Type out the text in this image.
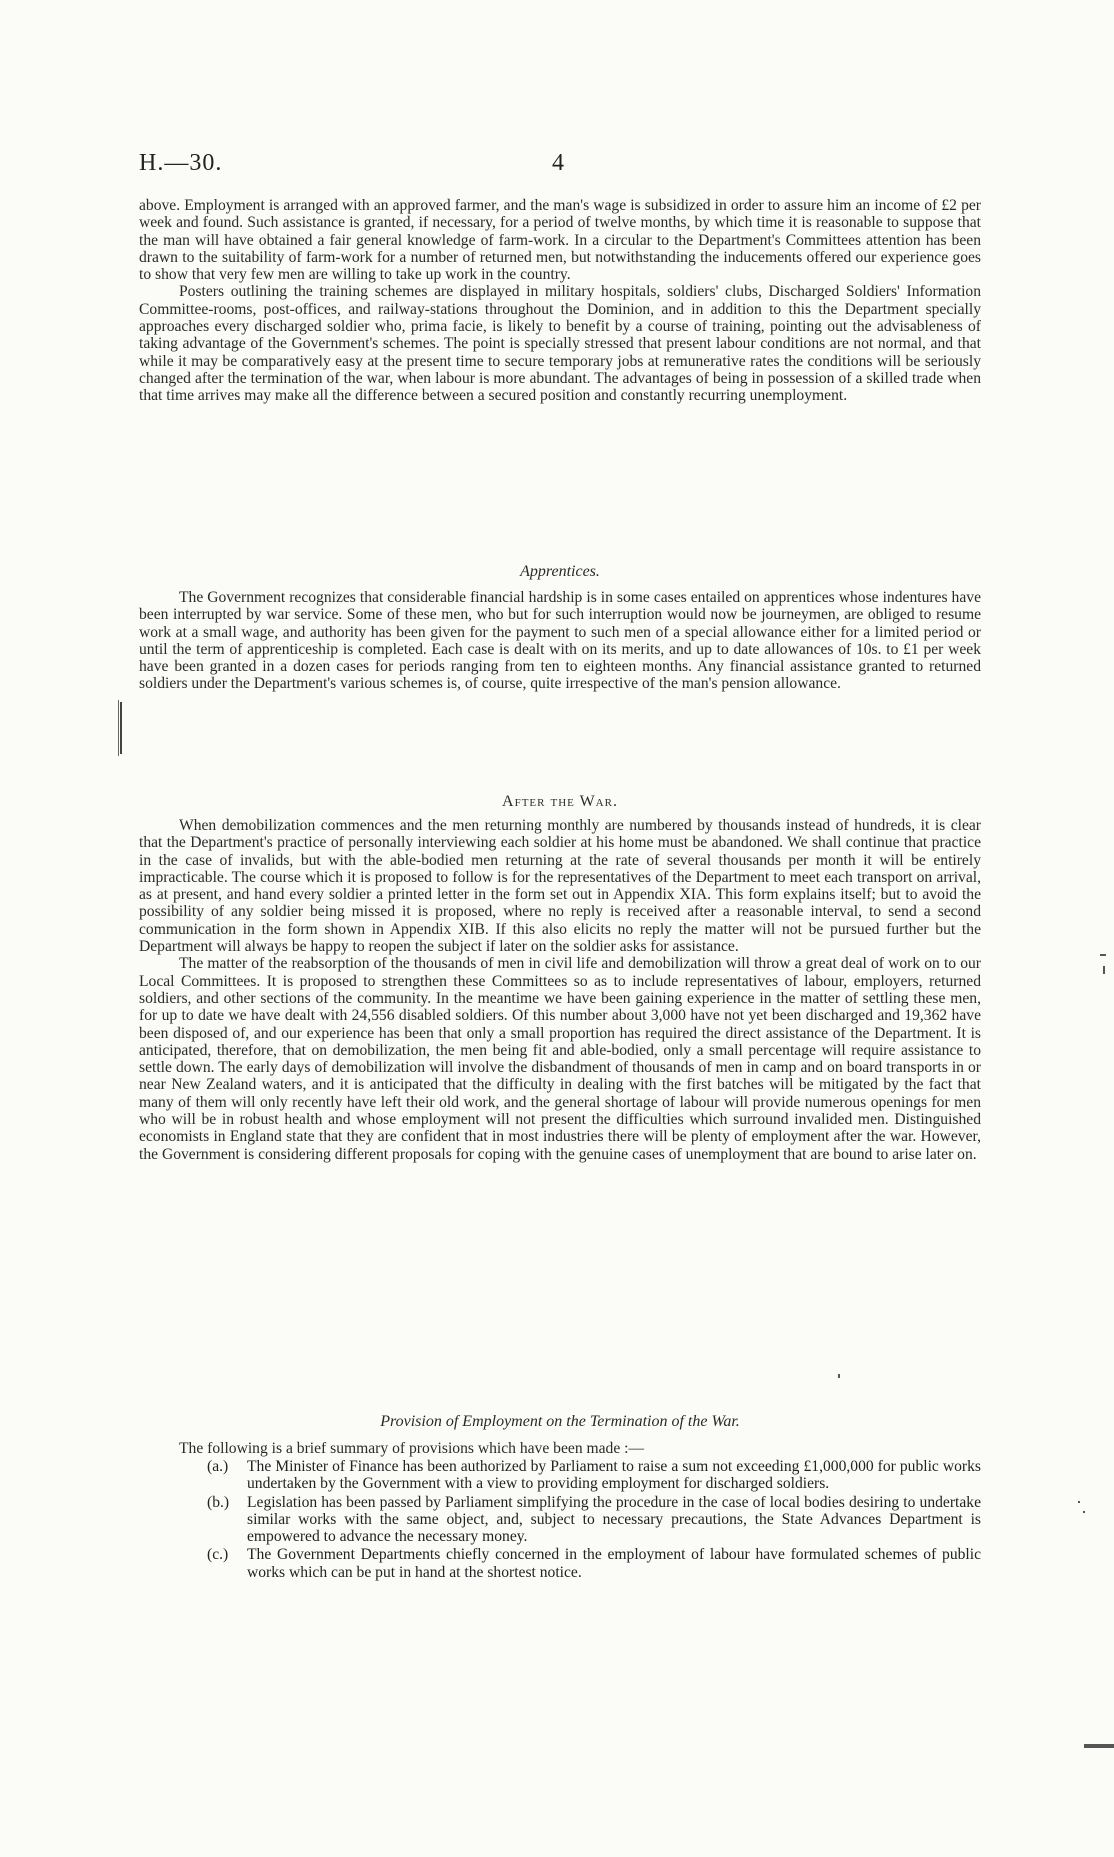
H.—30.	4

above. Employment is arranged with an approved farmer, and the man's wage is subsidized in order to assure him an income of £2 per week and found. Such assistance is granted, if necessary, for a period of twelve months, by which time it is reasonable to suppose that the man will have obtained a fair general knowledge of farm-work. In a circular to the Department's Committees attention has been drawn to the suitability of farm-work for a number of returned men, but notwithstanding the inducements offered our experience goes to show that very few men are willing to take up work in the country.

Posters outlining the training schemes are displayed in military hospitals, soldiers' clubs, Discharged Soldiers' Information Committee-rooms, post-offices, and railway-stations throughout the Dominion, and in addition to this the Department specially approaches every discharged soldier who, prima facie, is likely to benefit by a course of training, pointing out the advisableness of taking advantage of the Government's schemes. The point is specially stressed that present labour conditions are not normal, and that while it may be comparatively easy at the present time to secure temporary jobs at remunerative rates the conditions will be seriously changed after the termination of the war, when labour is more abundant. The advantages of being in possession of a skilled trade when that time arrives may make all the difference between a secured position and constantly recurring unemployment.

Apprentices.

The Government recognizes that considerable financial hardship is in some cases entailed on apprentices whose indentures have been interrupted by war service. Some of these men, who but for such interruption would now be journeymen, are obliged to resume work at a small wage, and authority has been given for the payment to such men of a special allowance either for a limited period or until the term of apprenticeship is completed. Each case is dealt with on its merits, and up to date allowances of 10s. to £1 per week have been granted in a dozen cases for periods ranging from ten to eighteen months. Any financial assistance granted to returned soldiers under the Department's various schemes is, of course, quite irrespective of the man's pension allowance.

After the War.

When demobilization commences and the men returning monthly are numbered by thousands instead of hundreds, it is clear that the Department's practice of personally interviewing each soldier at his home must be abandoned. We shall continue that practice in the case of invalids, but with the able-bodied men returning at the rate of several thousands per month it will be entirely impracticable. The course which it is proposed to follow is for the representatives of the Department to meet each transport on arrival, as at present, and hand every soldier a printed letter in the form set out in Appendix XIA. This form explains itself; but to avoid the possibility of any soldier being missed it is proposed, where no reply is received after a reasonable interval, to send a second communication in the form shown in Appendix XIB. If this also elicits no reply the matter will not be pursued further but the Department will always be happy to reopen the subject if later on the soldier asks for assistance.

The matter of the reabsorption of the thousands of men in civil life and demobilization will throw a great deal of work on to our Local Committees. It is proposed to strengthen these Committees so as to include representatives of labour, employers, returned soldiers, and other sections of the community. In the meantime we have been gaining experience in the matter of settling these men, for up to date we have dealt with 24,556 disabled soldiers. Of this number about 3,000 have not yet been discharged and 19,362 have been disposed of, and our experience has been that only a small proportion has required the direct assistance of the Department. It is anticipated, therefore, that on demobilization, the men being fit and able-bodied, only a small percentage will require assistance to settle down. The early days of demobilization will involve the disbandment of thousands of men in camp and on board transports in or near New Zealand waters, and it is anticipated that the difficulty in dealing with the first batches will be mitigated by the fact that many of them will only recently have left their old work, and the general shortage of labour will provide numerous openings for men who will be in robust health and whose employment will not present the difficulties which surround invalided men. Distinguished economists in England state that they are confident that in most industries there will be plenty of employment after the war. However, the Government is considering different proposals for coping with the genuine cases of unemployment that are bound to arise later on.

Provision of Employment on the Termination of the War.

The following is a brief summary of provisions which have been made :—

(a.) The Minister of Finance has been authorized by Parliament to raise a sum not exceeding £1,000,000 for public works undertaken by the Government with a view to providing employment for discharged soldiers.
(b.) Legislation has been passed by Parliament simplifying the procedure in the case of local bodies desiring to undertake similar works with the same object, and, subject to necessary precautions, the State Advances Department is empowered to advance the necessary money.
(c.) The Government Departments chiefly concerned in the employment of labour have formulated schemes of public works which can be put in hand at the shortest notice.
